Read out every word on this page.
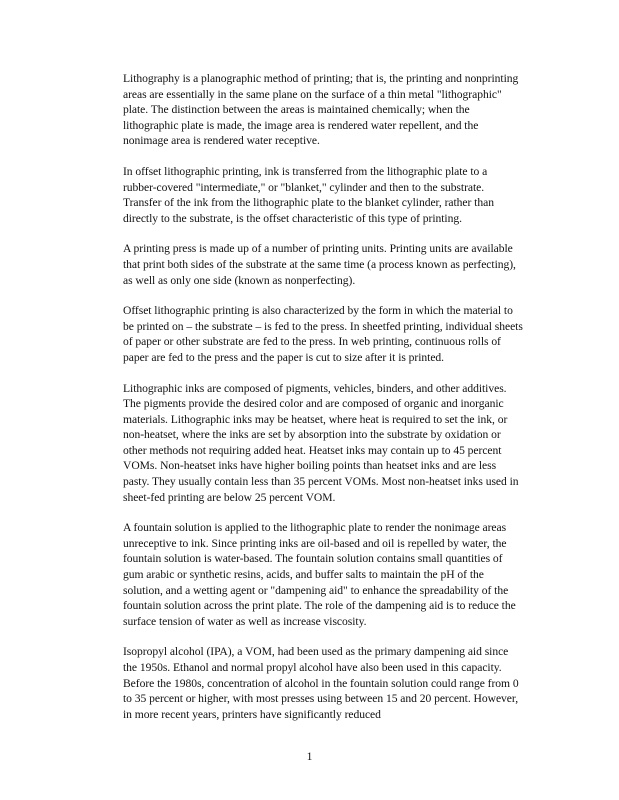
Lithography is a planographic method of printing; that is, the printing and nonprinting areas are essentially in the same plane on the surface of a thin metal "lithographic" plate. The distinction between the areas is maintained chemically; when the lithographic plate is made, the image area is rendered water repellent, and the nonimage area is rendered water receptive.

In offset lithographic printing, ink is transferred from the lithographic plate to a rubber-covered "intermediate," or "blanket," cylinder and then to the substrate. Transfer of the ink from the lithographic plate to the blanket cylinder, rather than directly to the substrate, is the offset characteristic of this type of printing.

A printing press is made up of a number of printing units. Printing units are available that print both sides of the substrate at the same time (a process known as perfecting), as well as only one side (known as nonperfecting).

Offset lithographic printing is also characterized by the form in which the material to be printed on – the substrate – is fed to the press. In sheetfed printing, individual sheets of paper or other substrate are fed to the press. In web printing, continuous rolls of paper are fed to the press and the paper is cut to size after it is printed.

Lithographic inks are composed of pigments, vehicles, binders, and other additives. The pigments provide the desired color and are composed of organic and inorganic materials. Lithographic inks may be heatset, where heat is required to set the ink, or non-heatset, where the inks are set by absorption into the substrate by oxidation or other methods not requiring added heat. Heatset inks may contain up to 45 percent VOMs. Non-heatset inks have higher boiling points than heatset inks and are less pasty. They usually contain less than 35 percent VOMs. Most non-heatset inks used in sheet-fed printing are below 25 percent VOM.

A fountain solution is applied to the lithographic plate to render the nonimage areas unreceptive to ink. Since printing inks are oil-based and oil is repelled by water, the fountain solution is water-based. The fountain solution contains small quantities of gum arabic or synthetic resins, acids, and buffer salts to maintain the pH of the solution, and a wetting agent or "dampening aid" to enhance the spreadability of the fountain solution across the print plate. The role of the dampening aid is to reduce the surface tension of water as well as increase viscosity.

Isopropyl alcohol (IPA), a VOM, had been used as the primary dampening aid since the 1950s. Ethanol and normal propyl alcohol have also been used in this capacity. Before the 1980s, concentration of alcohol in the fountain solution could range from 0 to 35 percent or higher, with most presses using between 15 and 20 percent. However, in more recent years, printers have significantly reduced

1
